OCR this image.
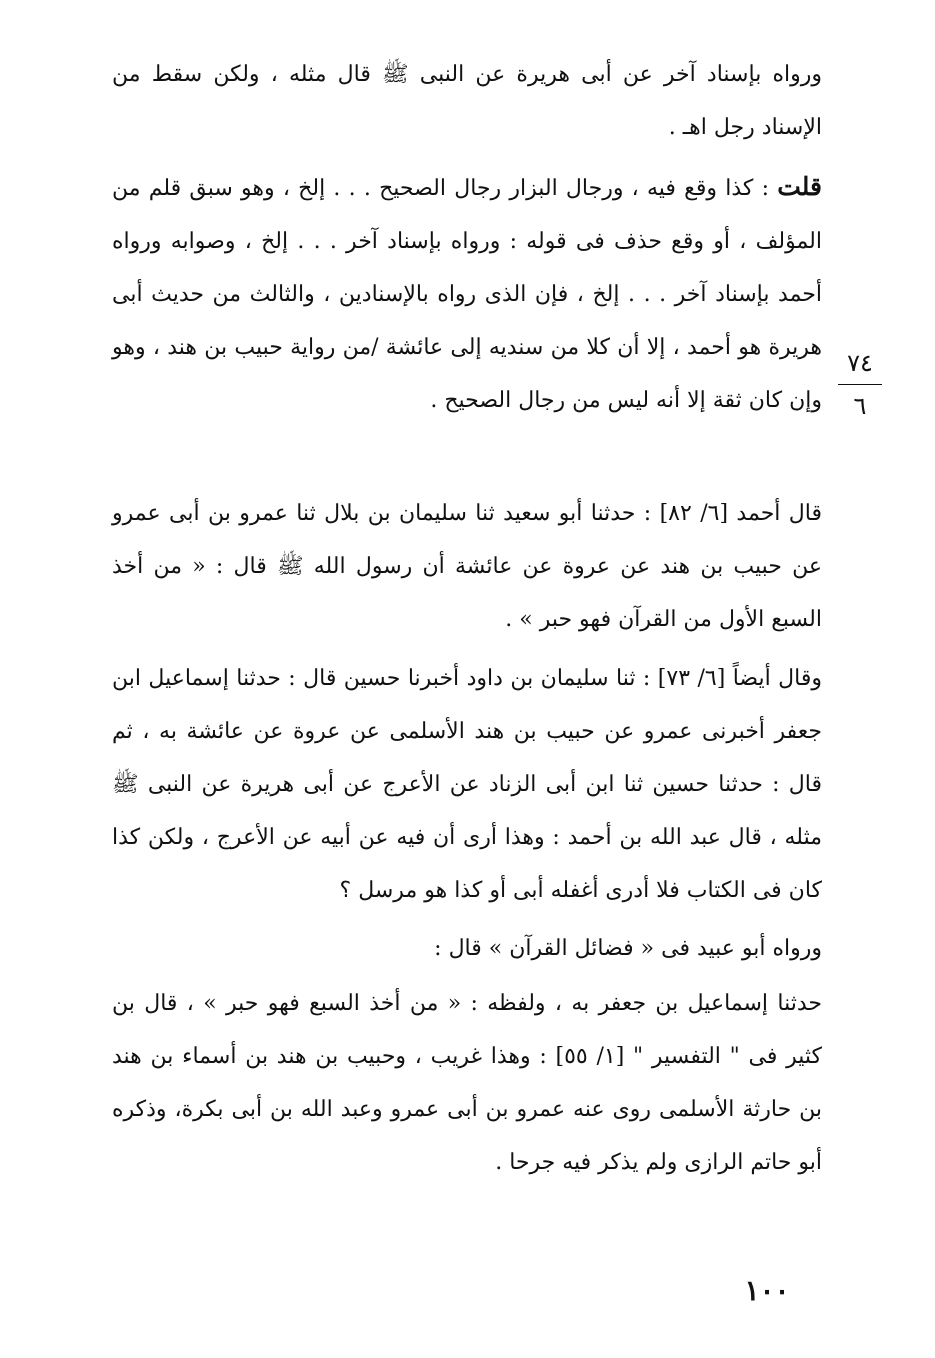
ورواه بإسناد آخر عن أبى هريرة عن النبى ﷺ قال مثله ، ولكن سقط من الإسناد رجل اهـ .

قلت : كذا وقع فيه ، ورجال البزار رجال الصحيح . . . إلخ ، وهو سبق قلم من المؤلف ، أو وقع حذف فى قوله : ورواه بإسناد آخر . . . إلخ ، وصوابه ورواه أحمد بإسناد آخر . . . إلخ ، فإن الذى رواه بالإسنادين ، والثالث من حديث أبى هريرة هو أحمد ، إلا أن كلا من سنديه إلى عائشة /من رواية حبيب بن هند ، وهو وإن كان ثقة إلا أنه ليس من رجال الصحيح .

٧٤
٦

قال أحمد [٦/ ٨٢] : حدثنا أبو سعيد ثنا سليمان بن بلال ثنا عمرو بن أبى عمرو عن حبيب بن هند عن عروة عن عائشة أن رسول الله ﷺ قال : « من أخذ السبع الأول من القرآن فهو حبر » .

وقال أيضاً [٦/ ٧٣] : ثنا سليمان بن داود أخبرنا حسين قال : حدثنا إسماعيل ابن جعفر أخبرنى عمرو عن حبيب بن هند الأسلمى عن عروة عن عائشة به ، ثم قال : حدثنا حسين ثنا ابن أبى الزناد عن الأعرج عن أبى هريرة عن النبى ﷺ مثله ، قال عبد الله بن أحمد : وهذا أرى أن فيه عن أبيه عن الأعرج ، ولكن كذا كان فى الكتاب فلا أدرى أغفله أبى أو كذا هو مرسل ؟

ورواه أبو عبيد فى « فضائل القرآن » قال :

حدثنا إسماعيل بن جعفر به ، ولفظه : « من أخذ السبع فهو حبر » ، قال بن كثير فى " التفسير " [١/ ٥٥] : وهذا غريب ، وحبيب بن هند بن أسماء بن هند بن حارثة الأسلمى روى عنه عمرو بن أبى عمرو وعبد الله بن أبى بكرة، وذكره أبو حاتم الرازى ولم يذكر فيه جرحا .

١٠٠
